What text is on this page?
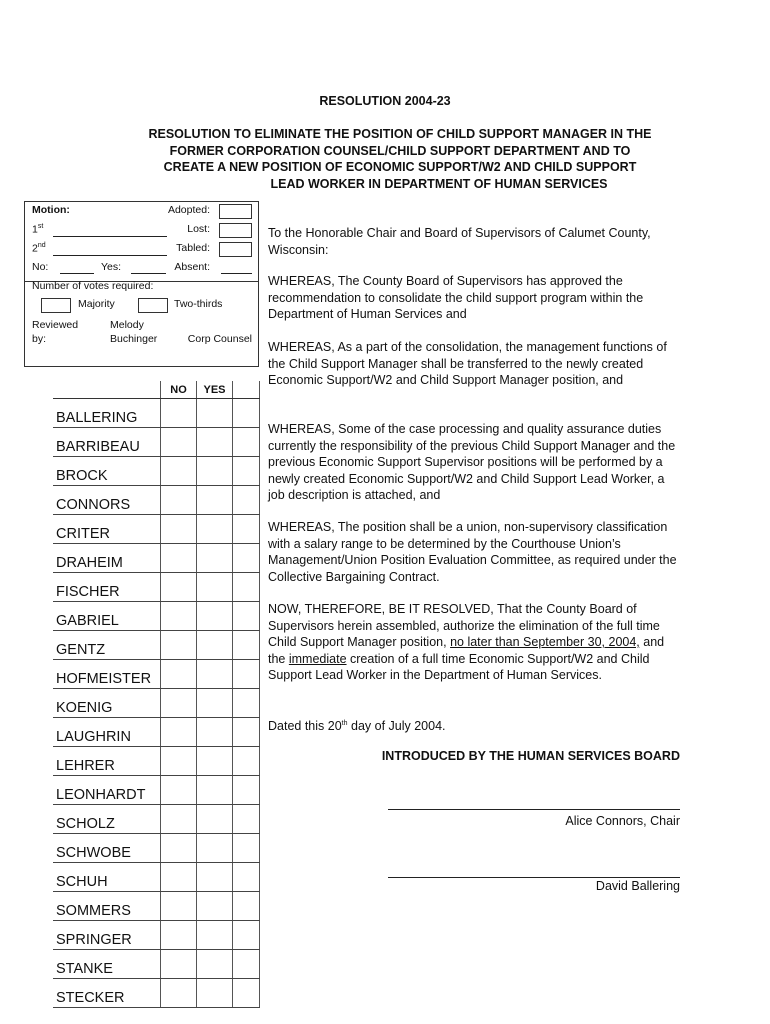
RESOLUTION 2004-23
RESOLUTION TO ELIMINATE THE POSITION OF CHILD SUPPORT MANAGER IN THE
FORMER CORPORATION COUNSEL/CHILD SUPPORT DEPARTMENT AND TO
CREATE A NEW POSITION OF ECONOMIC SUPPORT/W2 AND CHILD SUPPORT

LEAD WORKER IN DEPARTMENT OF HUMAN SERVICES
Motion:	Adopted:
1st	Lost:
2nd	Tabled:
No:	Yes:	Absent:
Number of votes required:
Majority	Two-thirds
Reviewed
by:
Melody
Buchinger	Corp Counsel
	NO	YES	
BALLERING			
BARRIBEAU			
BROCK			
CONNORS			
CRITER			
DRAHEIM			
FISCHER			
GABRIEL			
GENTZ			
HOFMEISTER			
KOENIG			
LAUGHRIN			
LEHRER			
LEONHARDT			
SCHOLZ			
SCHWOBE			
SCHUH			
SOMMERS			
SPRINGER			
STANKE			
STECKER			

To the Honorable Chair and Board of Supervisors of Calumet County, Wisconsin:

WHEREAS, The County Board of Supervisors has approved the recommendation to consolidate the child support program within the Department of Human Services and

WHEREAS, As a part of the consolidation, the management functions of the Child Support Manager shall be transferred to the newly created Economic Support/W2 and Child Support Manager position, and

WHEREAS, Some of the case processing and quality assurance duties currently the responsibility of the previous Child Support Manager and the previous Economic Support Supervisor positions will be performed by a newly created Economic Support/W2 and Child Support Lead Worker, a job description is attached, and

WHEREAS, The position shall be a union, non-supervisory classification with a salary range to be determined by the Courthouse Union’s Management/Union Position Evaluation Committee, as required under the Collective Bargaining Contract.

NOW, THEREFORE, BE IT RESOLVED, That the County Board of Supervisors herein assembled, authorize the elimination of the full time Child Support Manager position, no later than September 30, 2004, and the immediate creation of a full time Economic Support/W2 and Child Support Lead Worker in the Department of Human Services.

Dated this 20th day of July 2004.

INTRODUCED BY THE HUMAN SERVICES BOARD
Alice Connors, Chair
David Ballering
